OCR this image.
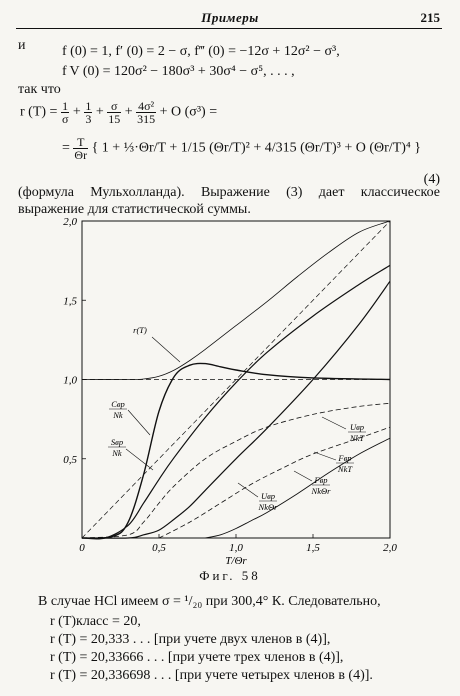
Примеры	215
и	f (0) = 1, f′ (0) = 2 − σ, f‴ (0) = −12σ + 12σ² − σ³,
f V (0) = 120σ² − 180σ³ + 30σ⁴ − σ⁵, . . . ,
так что
r $(T) = \frac{1}{\sigma} + \frac{1}{3} + \frac{\sigma}{15} + \frac{\text{4σ²}}{315} + O$ (σ³) =
= $\frac{T}{\Theta r}$ { 1 + ⅓·Θr/T + 1/15 (Θr/T)² + 4/315 (Θr/T)³ + O (Θr/T)⁴ }
(4)
(формула Мульхолланда). Выражение (3) дает классическое выражение для статистической суммы.
0	0,5	1,0	1,5	2,0
0,5
1,0
1,5
2,0
T/Θr
r(T)
Cвр
Nk
Sвр
Nk
Uвр
NkT
Fвр
NkT
Fвр
NkΘr
Uвр
NkΘr
Фиг. 58
В случае HCl имеем σ = ¹/₂₀ при 300,4° К. Следовательно,
r (T)класс = 20,
r (T) = 20,333 . . . [при учете двух членов в (4)],
r (T) = 20,33666 . . . [при учете трех членов в (4)],
r (T) = 20,336698 . . . [при учете четырех членов в (4)].
